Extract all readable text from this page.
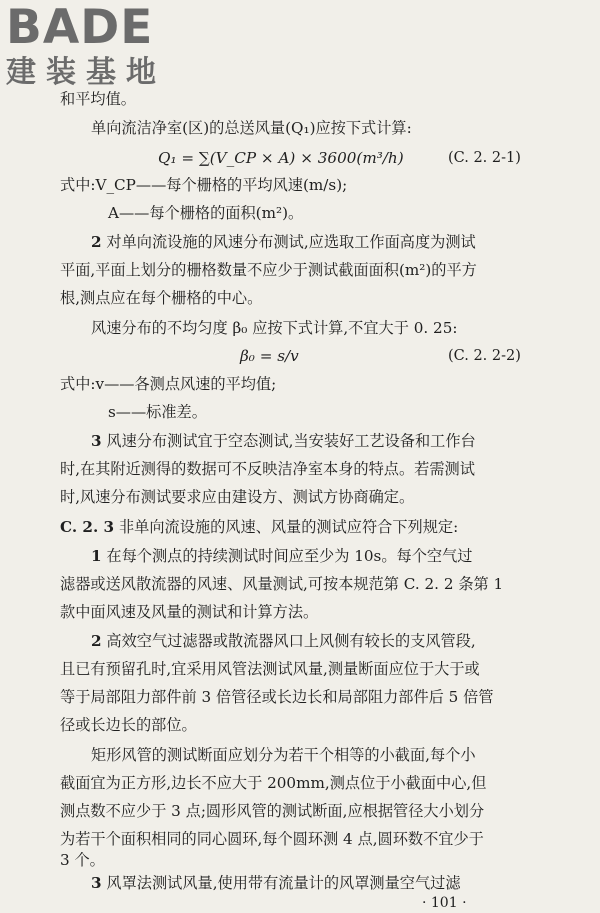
BADE
建装基地
和平均值。
单向流洁净室(区)的总送风量(Q₁)应按下式计算:
Q₁ = ∑(V_CP × A) × 3600(m³/h)	(C. 2. 2-1)
式中:V_CP——每个栅格的平均风速(m/s);
A——每个栅格的面积(m²)。
2 对单向流设施的风速分布测试,应选取工作面高度为测试
平面,平面上划分的栅格数量不应少于测试截面面积(m²)的平方
根,测点应在每个栅格的中心。
风速分布的不均匀度 β₀ 应按下式计算,不宜大于 0. 25:
β₀ = s/v	(C. 2. 2-2)
式中:v——各测点风速的平均值;
s——标准差。
3 风速分布测试宜于空态测试,当安装好工艺设备和工作台
时,在其附近测得的数据可不反映洁净室本身的特点。若需测试
时,风速分布测试要求应由建设方、测试方协商确定。
C. 2. 3 非单向流设施的风速、风量的测试应符合下列规定:
1 在每个测点的持续测试时间应至少为 10s。每个空气过
滤器或送风散流器的风速、风量测试,可按本规范第 C. 2. 2 条第 1
款中面风速及风量的测试和计算方法。
2 高效空气过滤器或散流器风口上风侧有较长的支风管段,
且已有预留孔时,宜采用风管法测试风量,测量断面应位于大于或
等于局部阻力部件前 3 倍管径或长边长和局部阻力部件后 5 倍管
径或长边长的部位。
矩形风管的测试断面应划分为若干个相等的小截面,每个小
截面宜为正方形,边长不应大于 200mm,测点位于小截面中心,但
测点数不应少于 3 点;圆形风管的测试断面,应根据管径大小划分
为若干个面积相同的同心圆环,每个圆环测 4 点,圆环数不宜少于
3 个。
3 风罩法测试风量,使用带有流量计的风罩测量空气过滤
· 101 ·
